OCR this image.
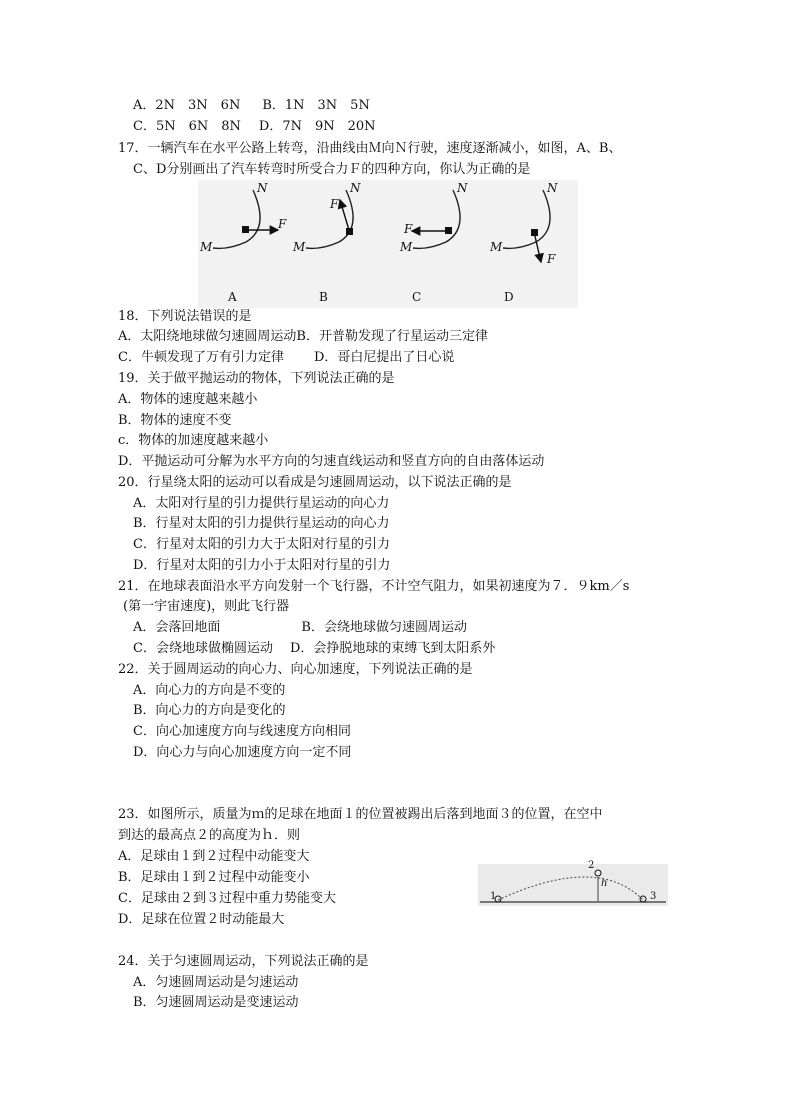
A．2N　3N　6N B．1N　3N　5N
C．5N　6N　8N D．7N　9N　20N
17．一辆汽车在水平公路上转弯，沿曲线由Ｍ向Ｎ行驶，速度逐渐减小，如图，A、B、
C、D分别画出了汽车转弯时所受合力Ｆ的四种方向，你认为正确的是
N
F
M
A
N
F
M
B
N
F
M
C
N
F
M
D
18．下列说法错误的是
A．太阳绕地球做匀速圆周运动B．开普勒发现了行星运动三定律
C．牛顿发现了万有引力定律 D．哥白尼提出了日心说
19．关于做平抛运动的物体，下列说法正确的是
A．物体的速度越来越小
B．物体的速度不变
c．物体的加速度越来越小
D．平抛运动可分解为水平方向的匀速直线运动和竖直方向的自由落体运动
20．行星绕太阳的运动可以看成是匀速圆周运动，以下说法正确的是
A．太阳对行星的引力提供行星运动的向心力
B．行星对太阳的引力提供行星运动的向心力
C．行星对太阳的引力大于太阳对行星的引力
D．行星对太阳的引力小于太阳对行星的引力
21．在地球表面沿水平方向发射一个飞行器，不计空气阻力，如果初速度为７．９km／s
(第一宇宙速度)，则此飞行器
A．会落回地面	B．会绕地球做匀速圆周运动
C．会绕地球做椭圆运动 D．会挣脱地球的束缚飞到太阳系外
22．关于圆周运动的向心力、向心加速度，下列说法正确的是
A．向心力的方向是不变的
B．向心力的方向是变化的
C．向心加速度方向与线速度方向相同
D．向心力与向心加速度方向一定不同
23．如图所示，质量为ｍ的足球在地面１的位置被踢出后落到地面３的位置，在空中
到达的最高点２的高度为ｈ．则
A．足球由１到２过程中动能变大
B．足球由１到２过程中动能变小
C．足球由２到３过程中重力势能变大
D．足球在位置２时动能最大
1
2
3
h
24．关于匀速圆周运动，下列说法正确的是
A．匀速圆周运动是匀速运动
B．匀速圆周运动是变速运动
